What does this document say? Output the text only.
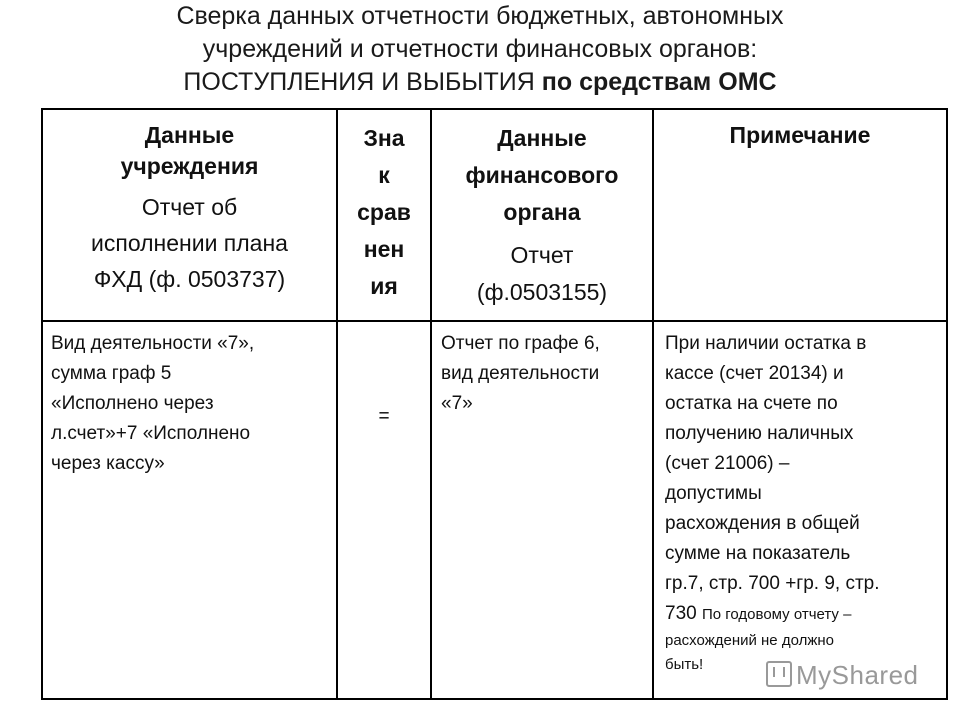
Сверка данных отчетности бюджетных, автономных
учреждений и отчетности финансовых органов:
ПОСТУПЛЕНИЯ И ВЫБЫТИЯ по средствам ОМС
Данные
учреждения
Отчет об
исполнении плана
ФХД (ф. 0503737)
Зна
к
срав
нен
ия
Данные
финансового
органа
Отчет
(ф.0503155)
Примечание
Вид деятельности «7»,
сумма граф 5
«Исполнено через
л.счет»+7 «Исполнено
через кассу»
=
Отчет по графе 6,
вид деятельности
«7»
При наличии остатка в
кассе (счет 20134) и
остатка на счете по
получению наличных
(счет 21006) –
допустимы
расхождения в общей
сумме на показатель
гр.7, стр. 700 +гр. 9, стр.
730 По годовому отчету –
расхождений не должно
быть!	MyShared
